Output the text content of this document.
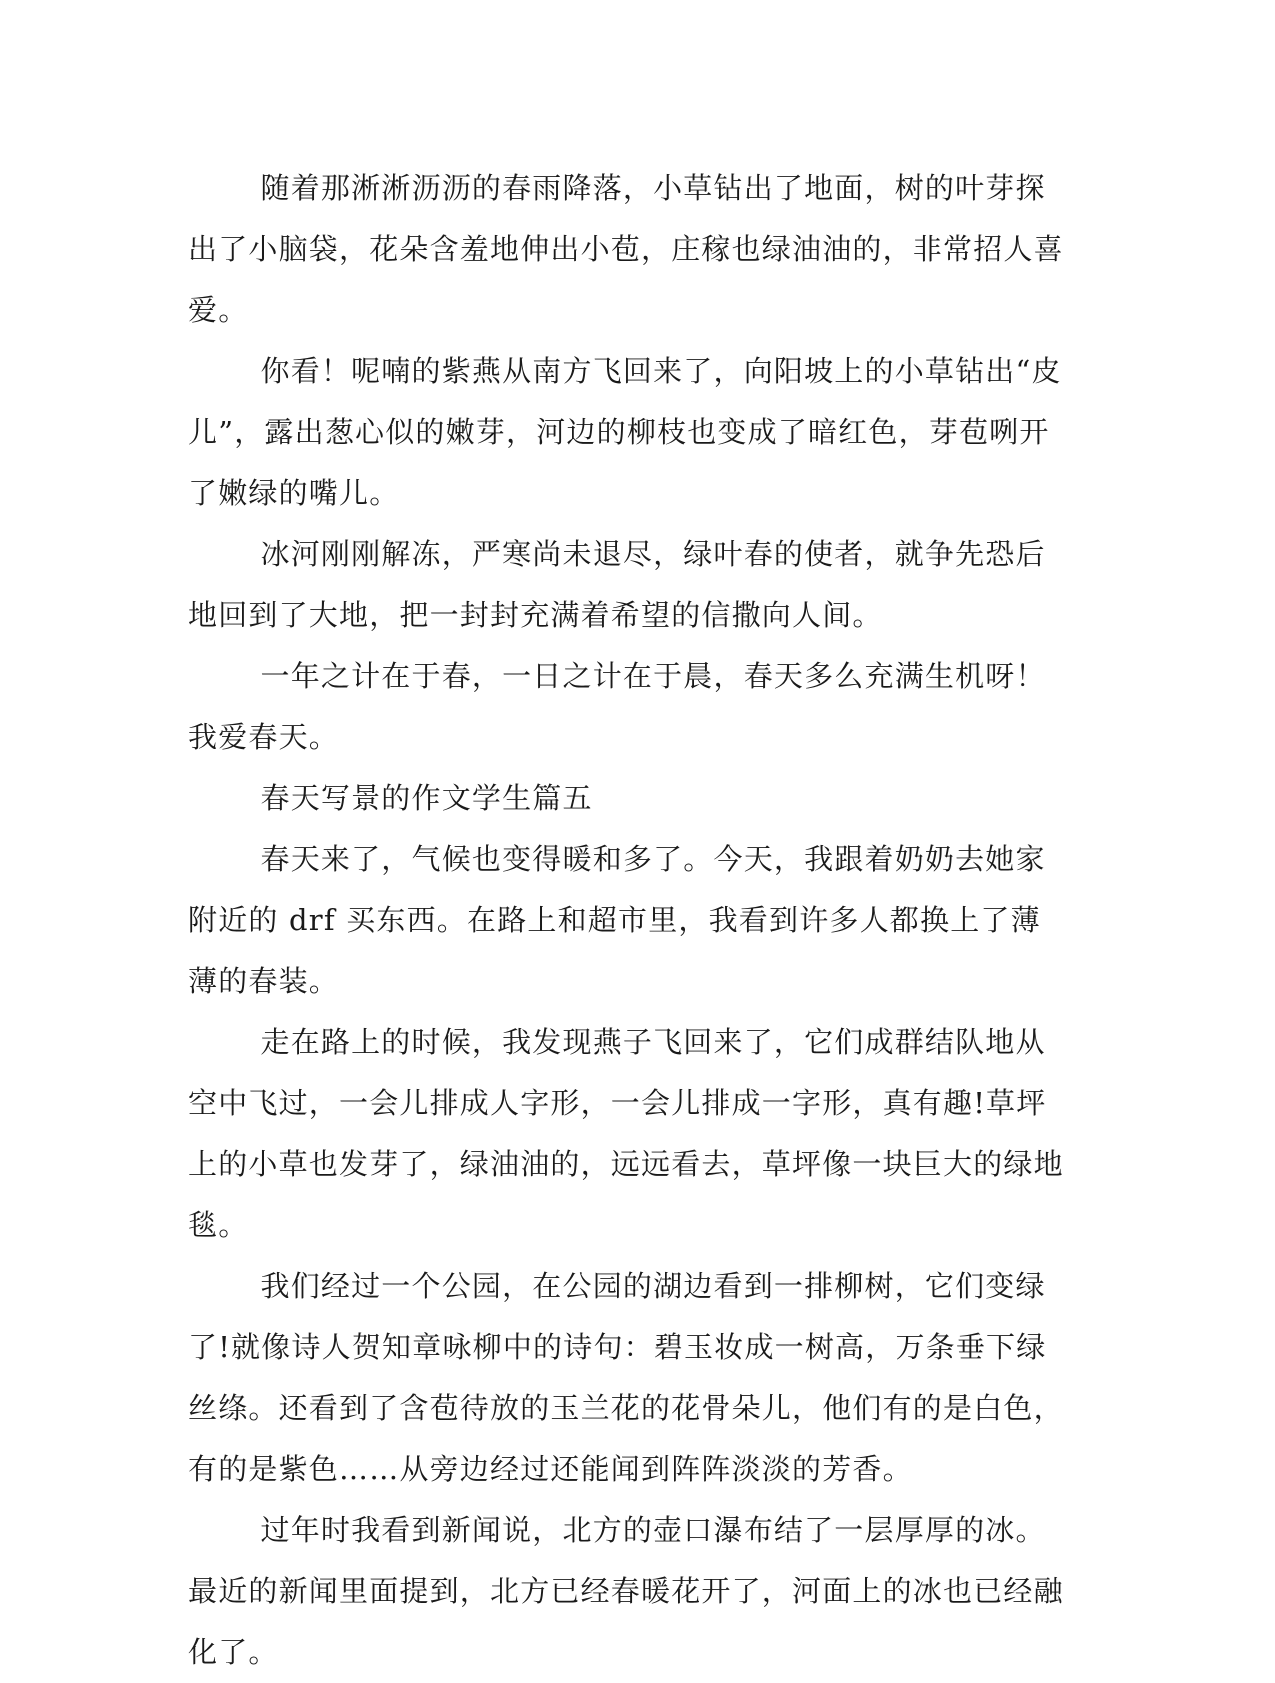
随着那淅淅沥沥的春雨降落，小草钻出了地面，树的叶芽探出了小脑袋，花朵含羞地伸出小苞，庄稼也绿油油的，非常招人喜爱。

你看！呢喃的紫燕从南方飞回来了，向阳坡上的小草钻出“皮儿”，露出葱心似的嫩芽，河边的柳枝也变成了暗红色，芽苞咧开了嫩绿的嘴儿。

冰河刚刚解冻，严寒尚未退尽，绿叶春的使者，就争先恐后地回到了大地，把一封封充满着希望的信撒向人间。

一年之计在于春，一日之计在于晨，春天多么充满生机呀！我爱春天。

春天写景的作文学生篇五

春天来了，气候也变得暖和多了。今天，我跟着奶奶去她家附近的 drf 买东西。在路上和超市里，我看到许多人都换上了薄薄的春装。

走在路上的时候，我发现燕子飞回来了，它们成群结队地从空中飞过，一会儿排成人字形，一会儿排成一字形，真有趣!草坪上的小草也发芽了，绿油油的，远远看去，草坪像一块巨大的绿地毯。

我们经过一个公园，在公园的湖边看到一排柳树，它们变绿了!就像诗人贺知章咏柳中的诗句：碧玉妆成一树高，万条垂下绿丝绦。还看到了含苞待放的玉兰花的花骨朵儿，他们有的是白色，有的是紫色……从旁边经过还能闻到阵阵淡淡的芳香。

过年时我看到新闻说，北方的壶口瀑布结了一层厚厚的冰。最近的新闻里面提到，北方已经春暖花开了，河面上的冰也已经融化了。
